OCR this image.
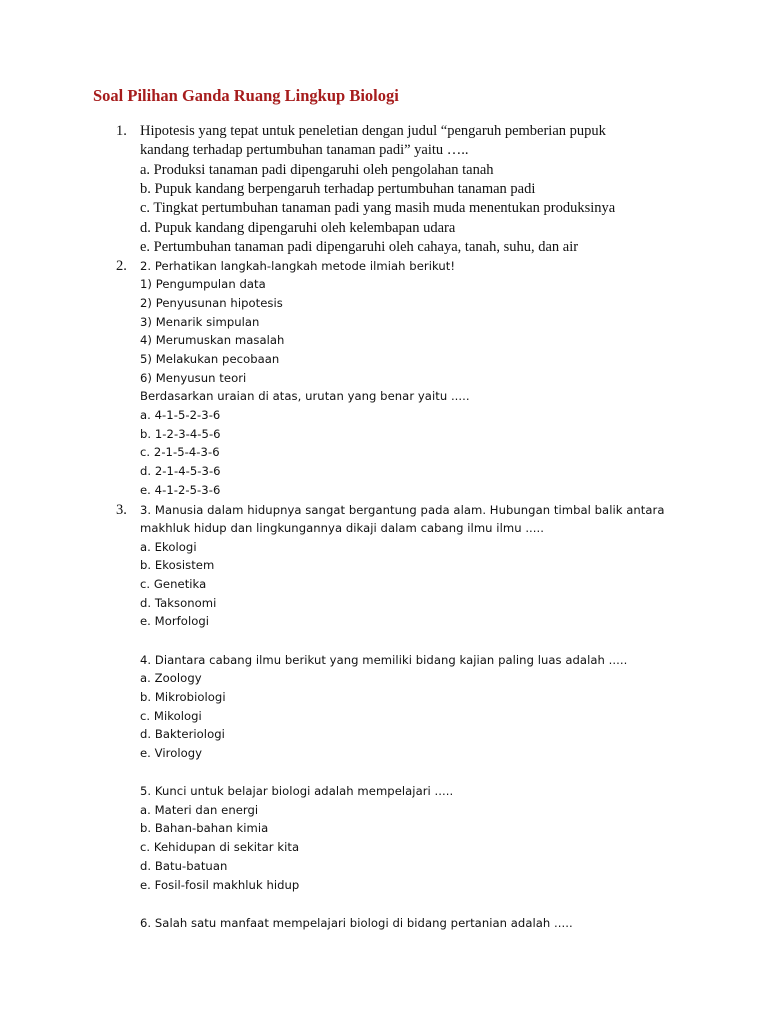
Soal Pilihan Ganda Ruang Lingkup Biologi
1. Hipotesis yang tepat untuk peneletian dengan judul “pengaruh pemberian pupuk
kandang terhadap pertumbuhan tanaman padi” yaitu …..
a. Produksi tanaman padi dipengaruhi oleh pengolahan tanah
b. Pupuk kandang berpengaruh terhadap pertumbuhan tanaman padi
c. Tingkat pertumbuhan tanaman padi yang masih muda menentukan produksinya
d. Pupuk kandang dipengaruhi oleh kelembapan udara
e. Pertumbuhan tanaman padi dipengaruhi oleh cahaya, tanah, suhu, dan air
2. 2. Perhatikan langkah-langkah metode ilmiah berikut!
1) Pengumpulan data
2) Penyusunan hipotesis
3) Menarik simpulan
4) Merumuskan masalah
5) Melakukan pecobaan
6) Menyusun teori
Berdasarkan uraian di atas, urutan yang benar yaitu .....
a. 4-1-5-2-3-6
b. 1-2-3-4-5-6
c. 2-1-5-4-3-6
d. 2-1-4-5-3-6
e. 4-1-2-5-3-6
3. 3. Manusia dalam hidupnya sangat bergantung pada alam. Hubungan timbal balik antara
makhluk hidup dan lingkungannya dikaji dalam cabang ilmu ilmu .....
a. Ekologi
b. Ekosistem
c. Genetika
d. Taksonomi
e. Morfologi
4. Diantara cabang ilmu berikut yang memiliki bidang kajian paling luas adalah .....
a. Zoology
b. Mikrobiologi
c. Mikologi
d. Bakteriologi
e. Virology
5. Kunci untuk belajar biologi adalah mempelajari .....
a. Materi dan energi
b. Bahan-bahan kimia
c. Kehidupan di sekitar kita
d. Batu-batuan
e. Fosil-fosil makhluk hidup
6. Salah satu manfaat mempelajari biologi di bidang pertanian adalah .....
